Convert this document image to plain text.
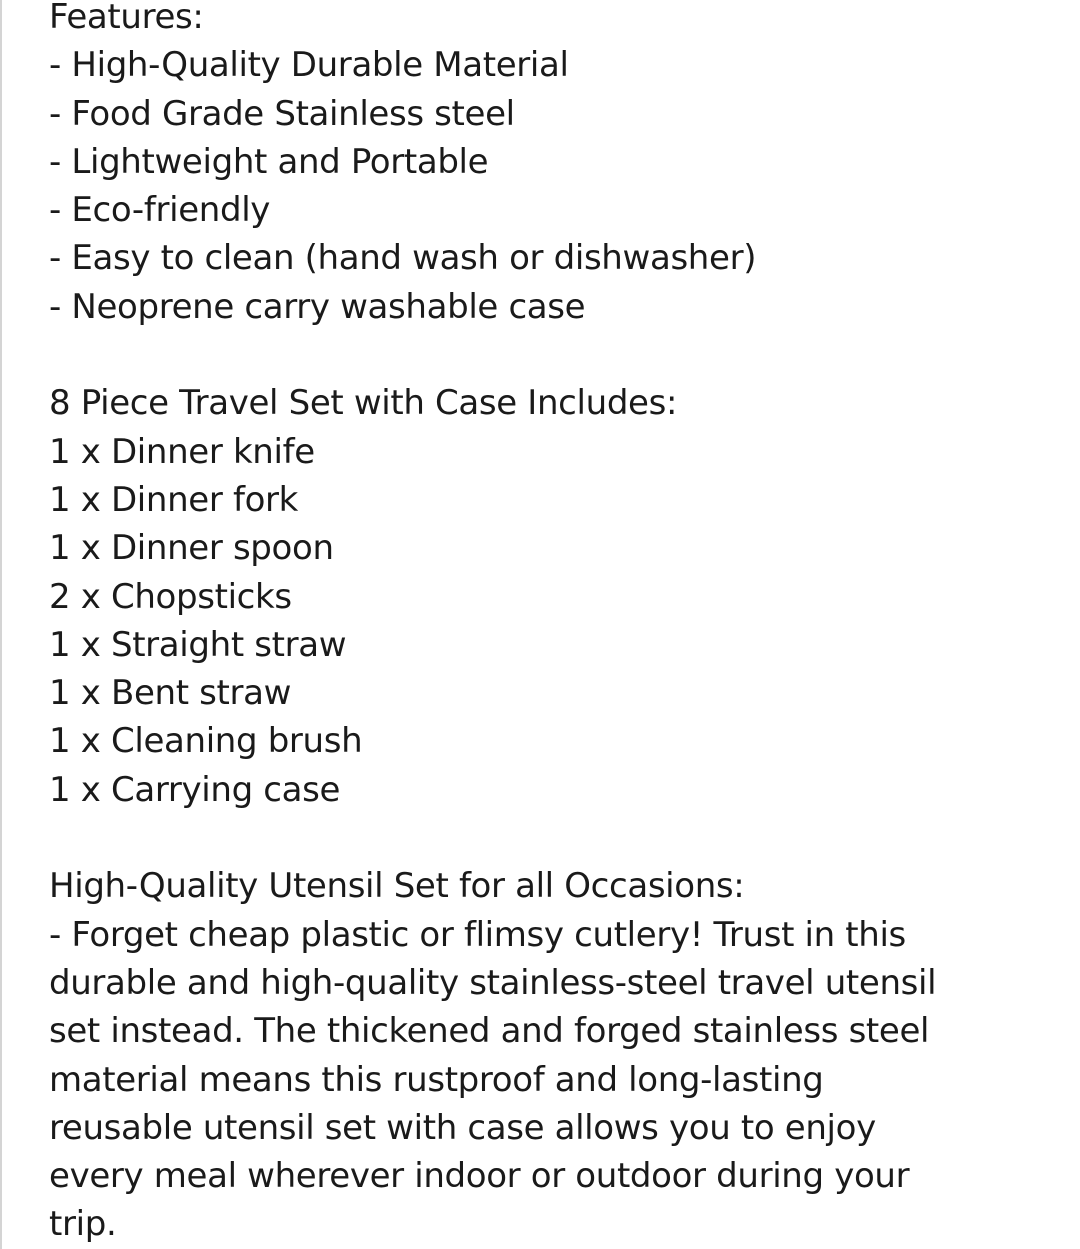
Features:
- High-Quality Durable Material
- Food Grade Stainless steel
- Lightweight and Portable
- Eco-friendly
- Easy to clean (hand wash or dishwasher)
- Neoprene carry washable case
8 Piece Travel Set with Case Includes:
1 x Dinner knife
1 x Dinner fork
1 x Dinner spoon
2 x Chopsticks
1 x Straight straw
1 x Bent straw
1 x Cleaning brush
1 x Carrying case
High-Quality Utensil Set for all Occasions:
- Forget cheap plastic or flimsy cutlery! Trust in this
durable and high-quality stainless-steel travel utensil
set instead. The thickened and forged stainless steel
material means this rustproof and long-lasting
reusable utensil set with case allows you to enjoy
every meal wherever indoor or outdoor during your
trip.
